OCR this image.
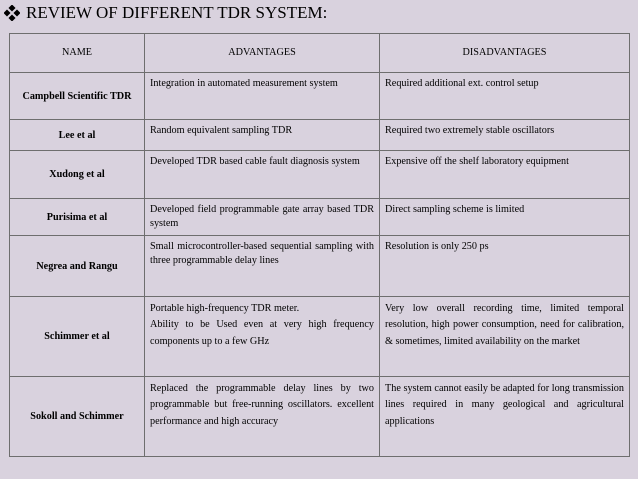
REVIEW OF DIFFERENT TDR SYSTEM:
NAME	ADVANTAGES	DISADVANTAGES
Campbell Scientific TDR	Integration in automated measurement system	Required additional ext. control setup

Lee et al	Random equivalent sampling TDR	Required two extremely stable oscillators

Xudong et al	Developed TDR based cable fault diagnosis system	Expensive off the shelf laboratory equipment

Purisima et al	Developed field programmable gate array based TDR system	Direct sampling scheme is limited

Negrea and Rangu	Small microcontroller-based sequential sampling with three programmable delay lines	Resolution is only 250 ps

Schimmer et al	Portable high-frequency TDR meter.
Ability to be Used even at very high frequency components up to a few GHz	Very low overall recording time, limited temporal resolution, high power consumption, need for calibration, & sometimes, limited availability on the market

Sokoll and Schimmer	Replaced the programmable delay lines by two programmable but free-running oscillators. excellent performance and high accuracy	The system cannot easily be adapted for long transmission lines required in many geological and agricultural applications
